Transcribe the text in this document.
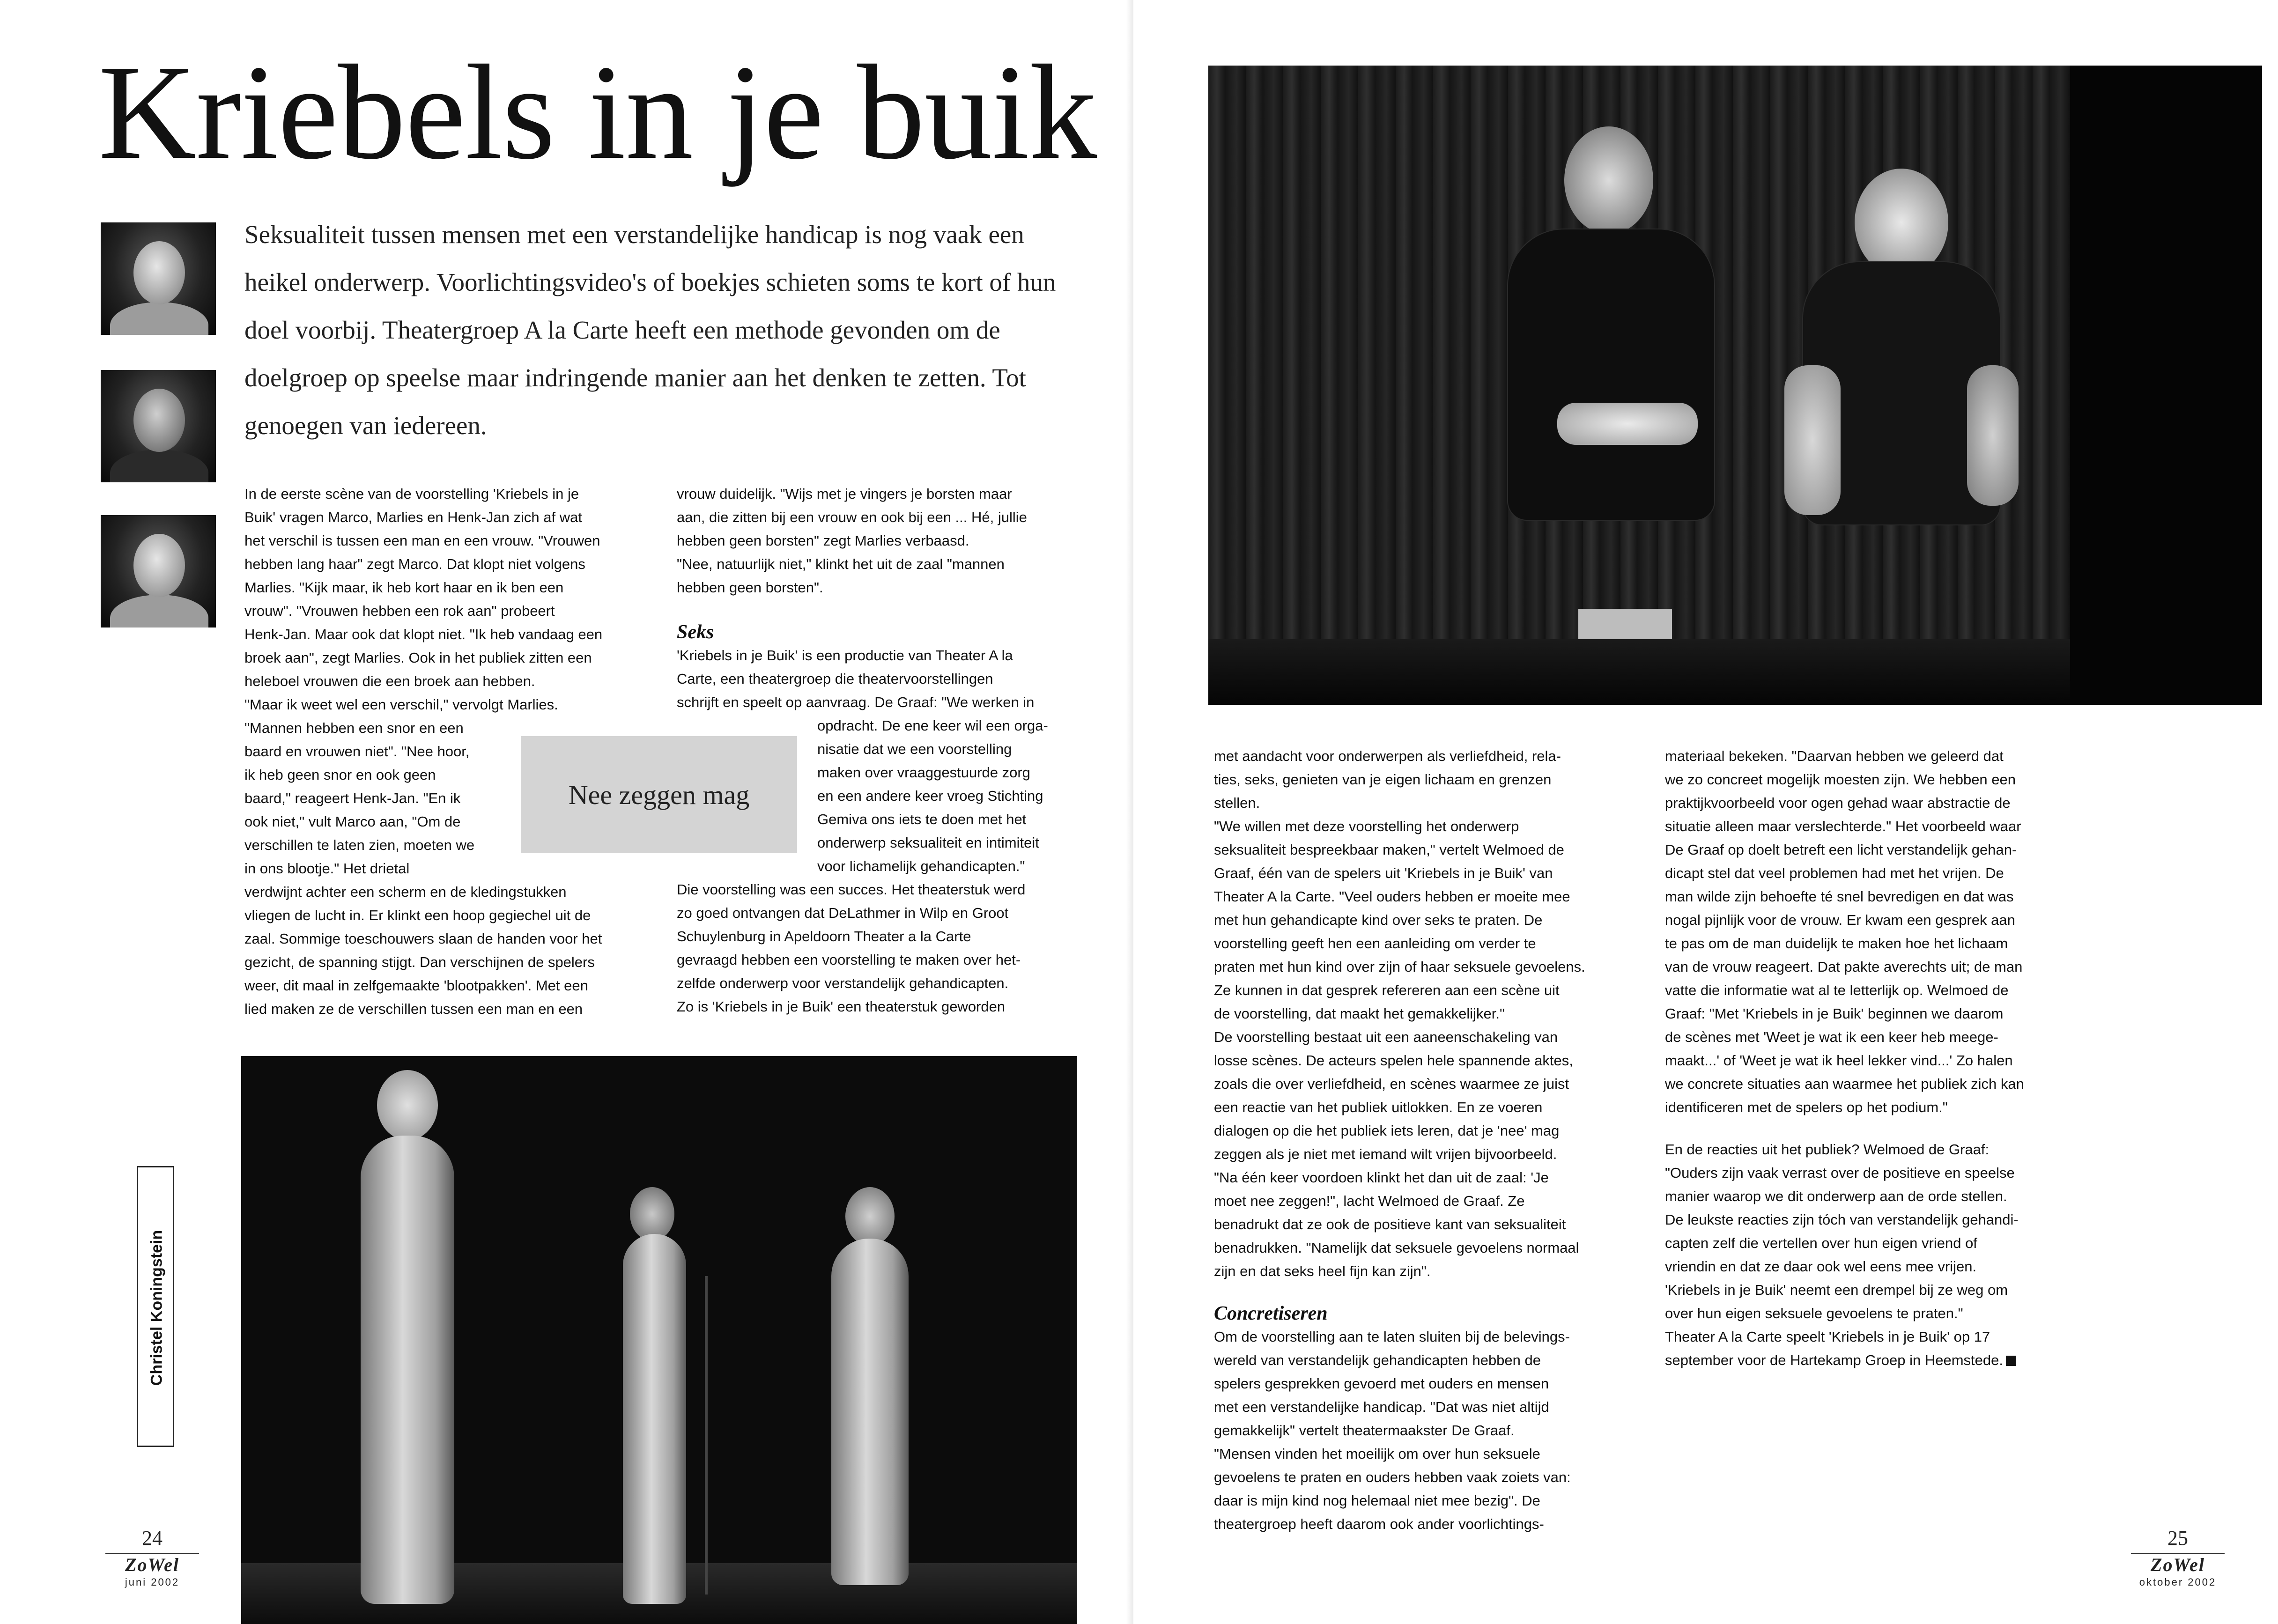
Kriebels in je buik

Seksualiteit tussen mensen met een verstandelijke handicap is nog vaak een heikel onderwerp. Voorlichtingsvideo's of boekjes schieten soms te kort of hun doel voorbij. Theatergroep A la Carte heeft een methode gevonden om de doelgroep op speelse maar indringende manier aan het denken te zetten. Tot genoegen van iedereen.

In de eerste scène van de voorstelling 'Kriebels in je
Buik' vragen Marco, Marlies en Henk-Jan zich af wat
het verschil is tussen een man en een vrouw. "Vrouwen
hebben lang haar" zegt Marco. Dat klopt niet volgens
Marlies. "Kijk maar, ik heb kort haar en ik ben een
vrouw". "Vrouwen hebben een rok aan" probeert
Henk-Jan. Maar ook dat klopt niet. "Ik heb vandaag een
broek aan", zegt Marlies. Ook in het publiek zitten een
heleboel vrouwen die een broek aan hebben.
"Maar ik weet wel een verschil," vervolgt Marlies.
"Mannen hebben een snor en een
baard en vrouwen niet". "Nee hoor,
ik heb geen snor en ook geen
baard," reageert Henk-Jan. "En ik
ook niet," vult Marco aan, "Om de
verschillen te laten zien, moeten we
in ons blootje." Het drietal
verdwijnt achter een scherm en de kledingstukken
vliegen de lucht in. Er klinkt een hoop gegiechel uit de
zaal. Sommige toeschouwers slaan de handen voor het
gezicht, de spanning stijgt. Dan verschijnen de spelers
weer, dit maal in zelfgemaakte 'blootpakken'. Met een
lied maken ze de verschillen tussen een man en een

vrouw duidelijk. "Wijs met je vingers je borsten maar
aan, die zitten bij een vrouw en ook bij een ... Hé, jullie
hebben geen borsten" zegt Marlies verbaasd.
"Nee, natuurlijk niet," klinkt het uit de zaal "mannen
hebben geen borsten".

Seks

'Kriebels in je Buik' is een productie van Theater A la
Carte, een theatergroep die theatervoorstellingen
schrijft en speelt op aanvraag. De Graaf: "We werken in

opdracht. De ene keer wil een orga-
nisatie dat we een voorstelling
maken over vraaggestuurde zorg
en een andere keer vroeg Stichting
Gemiva ons iets te doen met het
onderwerp seksualiteit en intimiteit
voor lichamelijk gehandicapten."

Die voorstelling was een succes. Het theaterstuk werd
zo goed ontvangen dat DeLathmer in Wilp en Groot
Schuylenburg in Apeldoorn Theater a la Carte
gevraagd hebben een voorstelling te maken over het-
zelfde onderwerp voor verstandelijk gehandicapten.
Zo is 'Kriebels in je Buik' een theaterstuk geworden

Nee zeggen mag
Christel Koningstein
24
ZoWel
juni 2002

met aandacht voor onderwerpen als verliefdheid, rela-
ties, seks, genieten van je eigen lichaam en grenzen
stellen.
"We willen met deze voorstelling het onderwerp
seksualiteit bespreekbaar maken," vertelt Welmoed de
Graaf, één van de spelers uit 'Kriebels in je Buik' van
Theater A la Carte. "Veel ouders hebben er moeite mee
met hun gehandicapte kind over seks te praten. De
voorstelling geeft hen een aanleiding om verder te
praten met hun kind over zijn of haar seksuele gevoelens.
Ze kunnen in dat gesprek refereren aan een scène uit
de voorstelling, dat maakt het gemakkelijker."
De voorstelling bestaat uit een aaneenschakeling van
losse scènes. De acteurs spelen hele spannende aktes,
zoals die over verliefdheid, en scènes waarmee ze juist
een reactie van het publiek uitlokken. En ze voeren
dialogen op die het publiek iets leren, dat je 'nee' mag
zeggen als je niet met iemand wilt vrijen bijvoorbeeld.
"Na één keer voordoen klinkt het dan uit de zaal: 'Je
moet nee zeggen!", lacht Welmoed de Graaf. Ze
benadrukt dat ze ook de positieve kant van seksualiteit
benadrukken. "Namelijk dat seksuele gevoelens normaal
zijn en dat seks heel fijn kan zijn".

Concretiseren

Om de voorstelling aan te laten sluiten bij de belevings-
wereld van verstandelijk gehandicapten hebben de
spelers gesprekken gevoerd met ouders en mensen
met een verstandelijke handicap. "Dat was niet altijd
gemakkelijk" vertelt theatermaakster De Graaf.
"Mensen vinden het moeilijk om over hun seksuele
gevoelens te praten en ouders hebben vaak zoiets van:
daar is mijn kind nog helemaal niet mee bezig". De
theatergroep heeft daarom ook ander voorlichtings-

materiaal bekeken. "Daarvan hebben we geleerd dat
we zo concreet mogelijk moesten zijn. We hebben een
praktijkvoorbeeld voor ogen gehad waar abstractie de
situatie alleen maar verslechterde." Het voorbeeld waar
De Graaf op doelt betreft een licht verstandelijk gehan-
dicapt stel dat veel problemen had met het vrijen. De
man wilde zijn behoefte té snel bevredigen en dat was
nogal pijnlijk voor de vrouw. Er kwam een gesprek aan
te pas om de man duidelijk te maken hoe het lichaam
van de vrouw reageert. Dat pakte averechts uit; de man
vatte die informatie wat al te letterlijk op. Welmoed de
Graaf: "Met 'Kriebels in je Buik' beginnen we daarom
de scènes met 'Weet je wat ik een keer heb meege-
maakt...' of 'Weet je wat ik heel lekker vind...' Zo halen
we concrete situaties aan waarmee het publiek zich kan
identificeren met de spelers op het podium."

En de reacties uit het publiek? Welmoed de Graaf:
"Ouders zijn vaak verrast over de positieve en speelse
manier waarop we dit onderwerp aan de orde stellen.
De leukste reacties zijn tóch van verstandelijk gehandi-
capten zelf die vertellen over hun eigen vriend of
vriendin en dat ze daar ook wel eens mee vrijen.
'Kriebels in je Buik' neemt een drempel bij ze weg om
over hun eigen seksuele gevoelens te praten."
Theater A la Carte speelt 'Kriebels in je Buik' op 17
september voor de Hartekamp Groep in Heemstede.

25
ZoWel
oktober 2002
